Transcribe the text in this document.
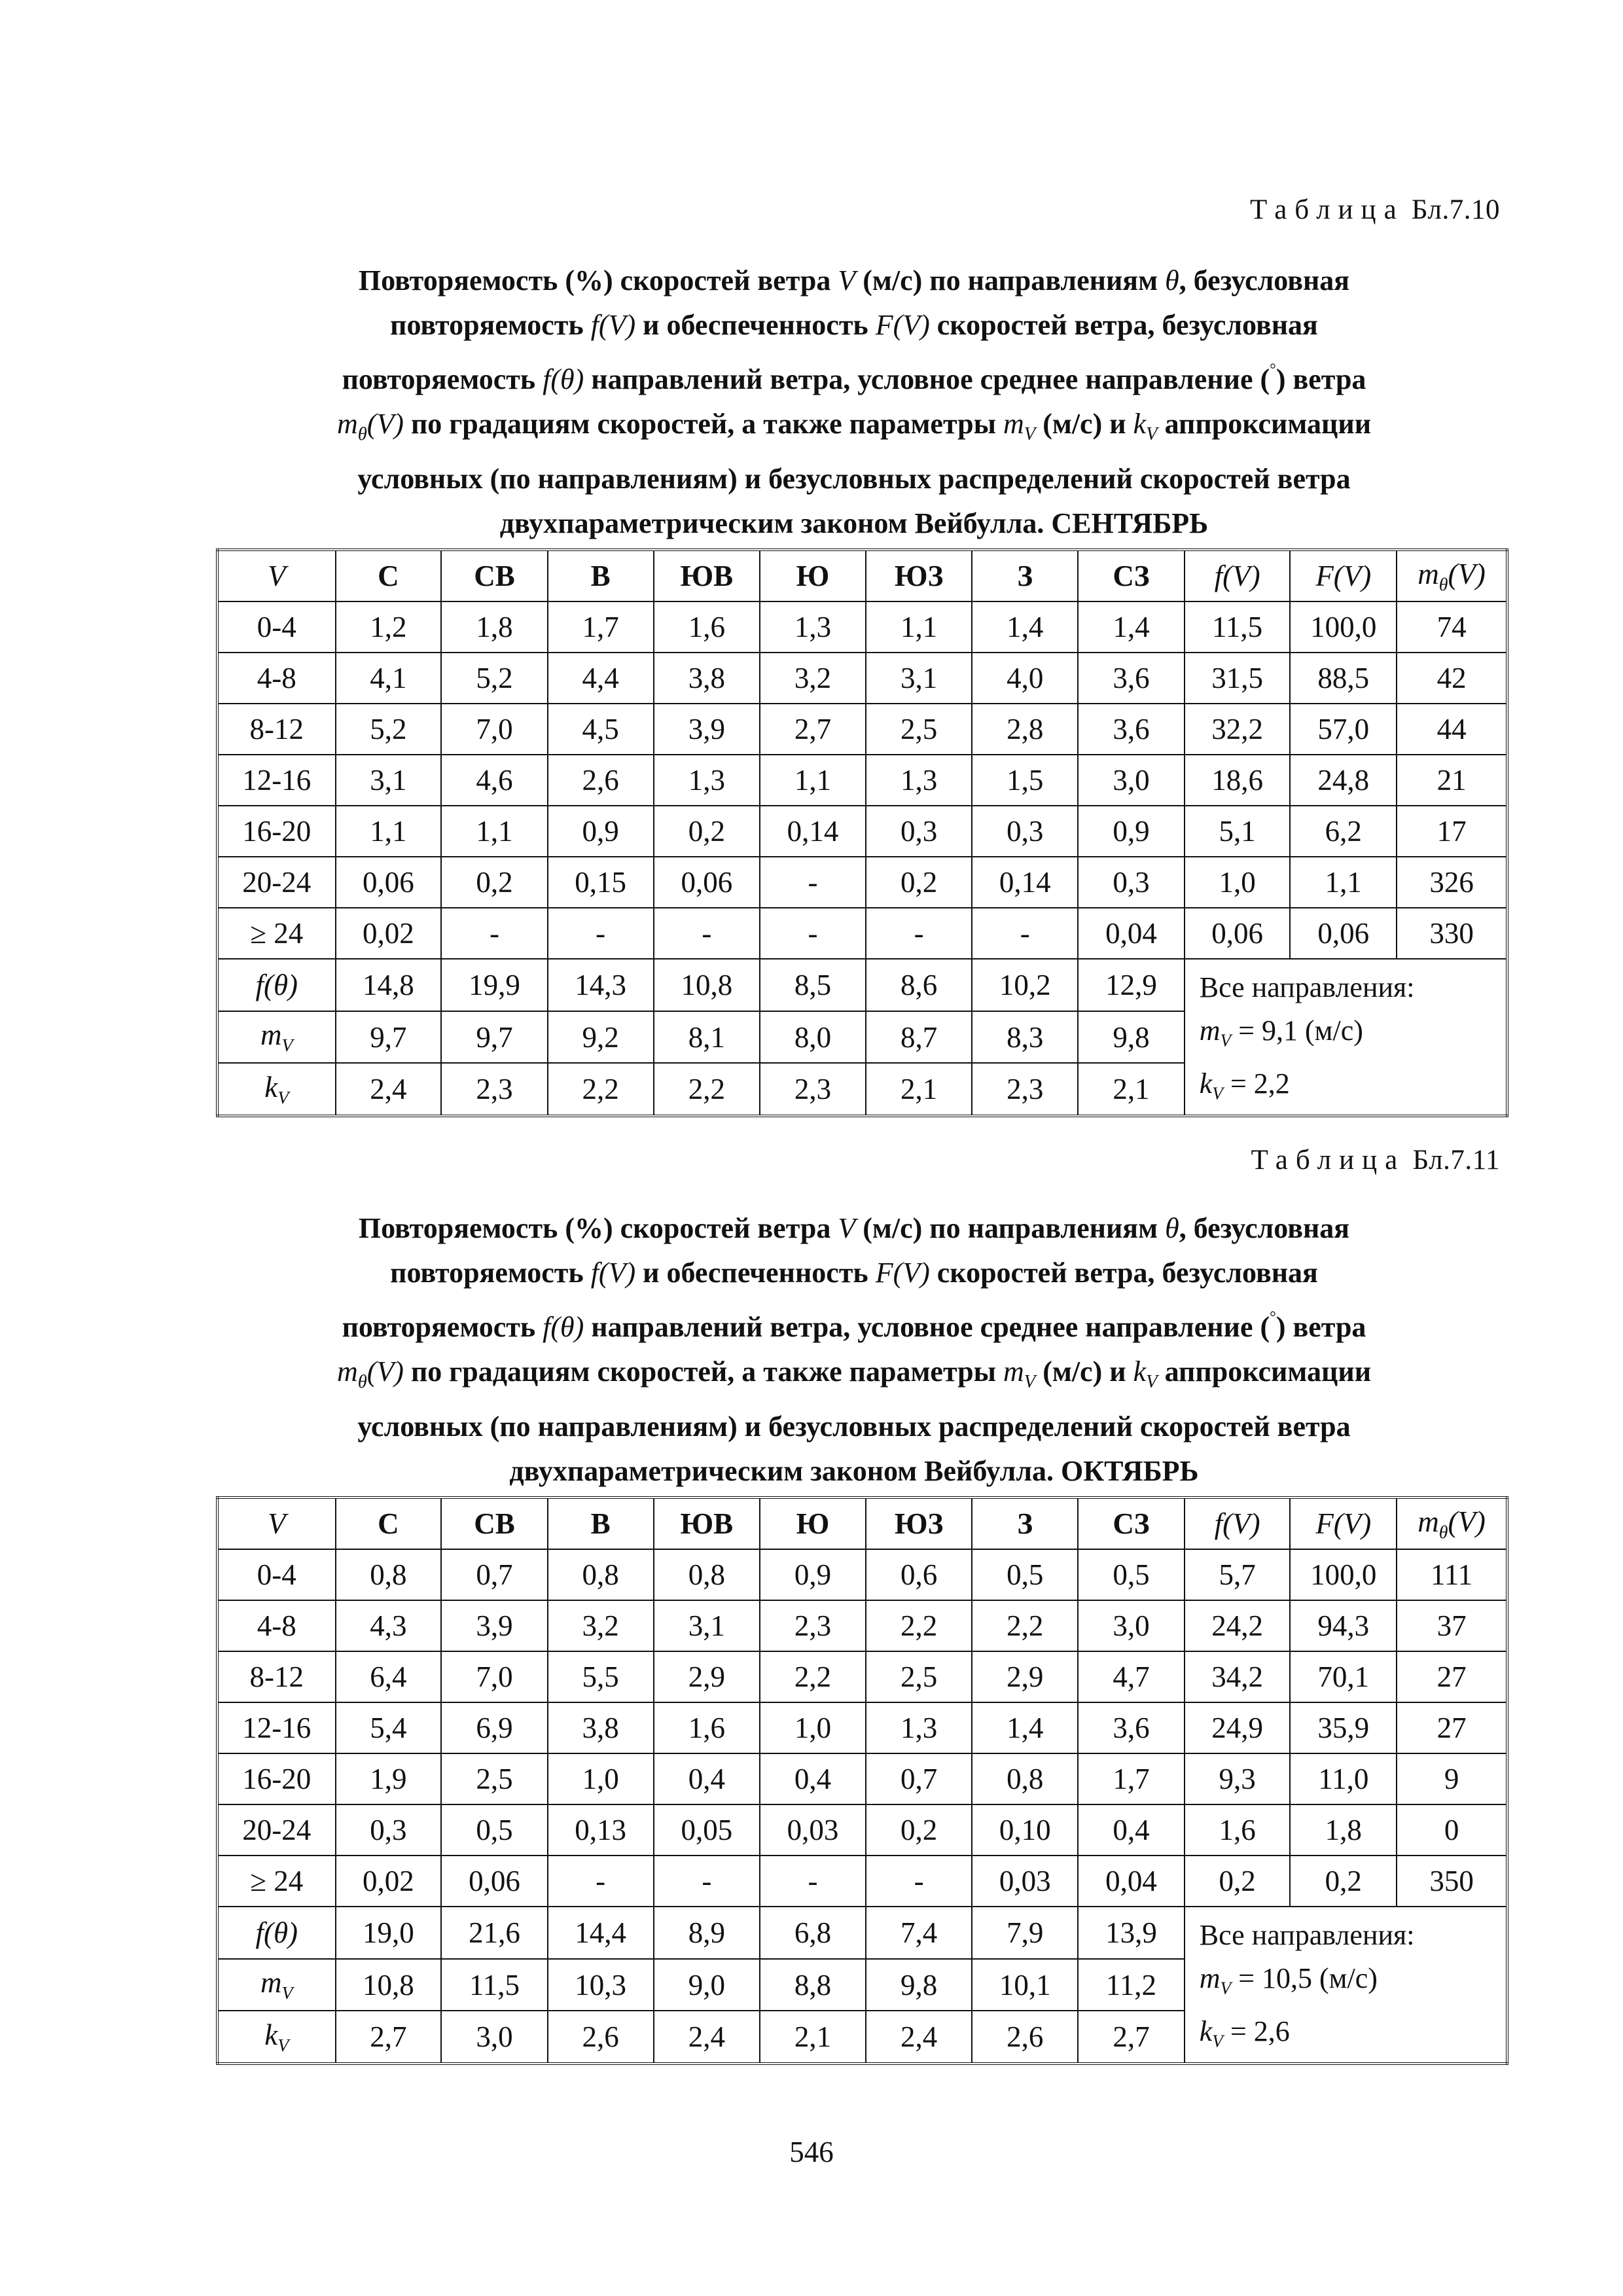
Таблица Бл.7.10
Повторяемость (%) скоростей ветра V (м/с) по направлениям θ, безусловная
повторяемость f(V) и обеспеченность F(V) скоростей ветра, безусловная
повторяемость f(θ) направлений ветра, условное среднее направление (°) ветра
$m_\theta(V)$ по градациям скоростей, а также параметры $m_V$ (м/с) и $k_V$ аппроксимации
условных (по направлениям) и безусловных распределений скоростей ветра
двухпараметрическим законом Вейбулла. СЕНТЯБРЬ
V	С	СВ	В	ЮВ	Ю	ЮЗ	З	СЗ	f(V)	F(V)	$m_\theta(V)$
0-4	1,2	1,8	1,7	1,6	1,3	1,1	1,4	1,4	11,5	100,0	74
4-8	4,1	5,2	4,4	3,8	3,2	3,1	4,0	3,6	31,5	88,5	42
8-12	5,2	7,0	4,5	3,9	2,7	2,5	2,8	3,6	32,2	57,0	44
12-16	3,1	4,6	2,6	1,3	1,1	1,3	1,5	3,0	18,6	24,8	21
16-20	1,1	1,1	0,9	0,2	0,14	0,3	0,3	0,9	5,1	6,2	17
20-24	0,06	0,2	0,15	0,06	-	0,2	0,14	0,3	1,0	1,1	326
≥ 24	0,02	-	-	-	-	-	-	0,04	0,06	0,06	330
f(θ)	14,8	19,9	14,3	10,8	8,5	8,6	10,2	12,9	Все направления:
$m_V = 9,1$ (м/с)
$k_V = 2,2$		

$m_V$	9,7	9,7	9,2	8,1	8,0	8,7	8,3	9,8			
$k_V$	2,4	2,3	2,2	2,2	2,3	2,1	2,3	2,1			
Таблица Бл.7.11
Повторяемость (%) скоростей ветра V (м/с) по направлениям θ, безусловная
повторяемость f(V) и обеспеченность F(V) скоростей ветра, безусловная
повторяемость f(θ) направлений ветра, условное среднее направление (°) ветра
$m_\theta(V)$ по градациям скоростей, а также параметры $m_V$ (м/с) и $k_V$ аппроксимации
условных (по направлениям) и безусловных распределений скоростей ветра
двухпараметрическим законом Вейбулла. ОКТЯБРЬ
V	С	СВ	В	ЮВ	Ю	ЮЗ	З	СЗ	f(V)	F(V)	$m_\theta(V)$
0-4	0,8	0,7	0,8	0,8	0,9	0,6	0,5	0,5	5,7	100,0	111
4-8	4,3	3,9	3,2	3,1	2,3	2,2	2,2	3,0	24,2	94,3	37
8-12	6,4	7,0	5,5	2,9	2,2	2,5	2,9	4,7	34,2	70,1	27
12-16	5,4	6,9	3,8	1,6	1,0	1,3	1,4	3,6	24,9	35,9	27
16-20	1,9	2,5	1,0	0,4	0,4	0,7	0,8	1,7	9,3	11,0	9
20-24	0,3	0,5	0,13	0,05	0,03	0,2	0,10	0,4	1,6	1,8	0
≥ 24	0,02	0,06	-	-	-	-	0,03	0,04	0,2	0,2	350
f(θ)	19,0	21,6	14,4	8,9	6,8	7,4	7,9	13,9	Все направления:
$m_V = 10,5$ (м/с)
$k_V = 2,6$		

$m_V$	10,8	11,5	10,3	9,0	8,8	9,8	10,1	11,2			
$k_V$	2,7	3,0	2,6	2,4	2,1	2,4	2,6	2,7			
546
